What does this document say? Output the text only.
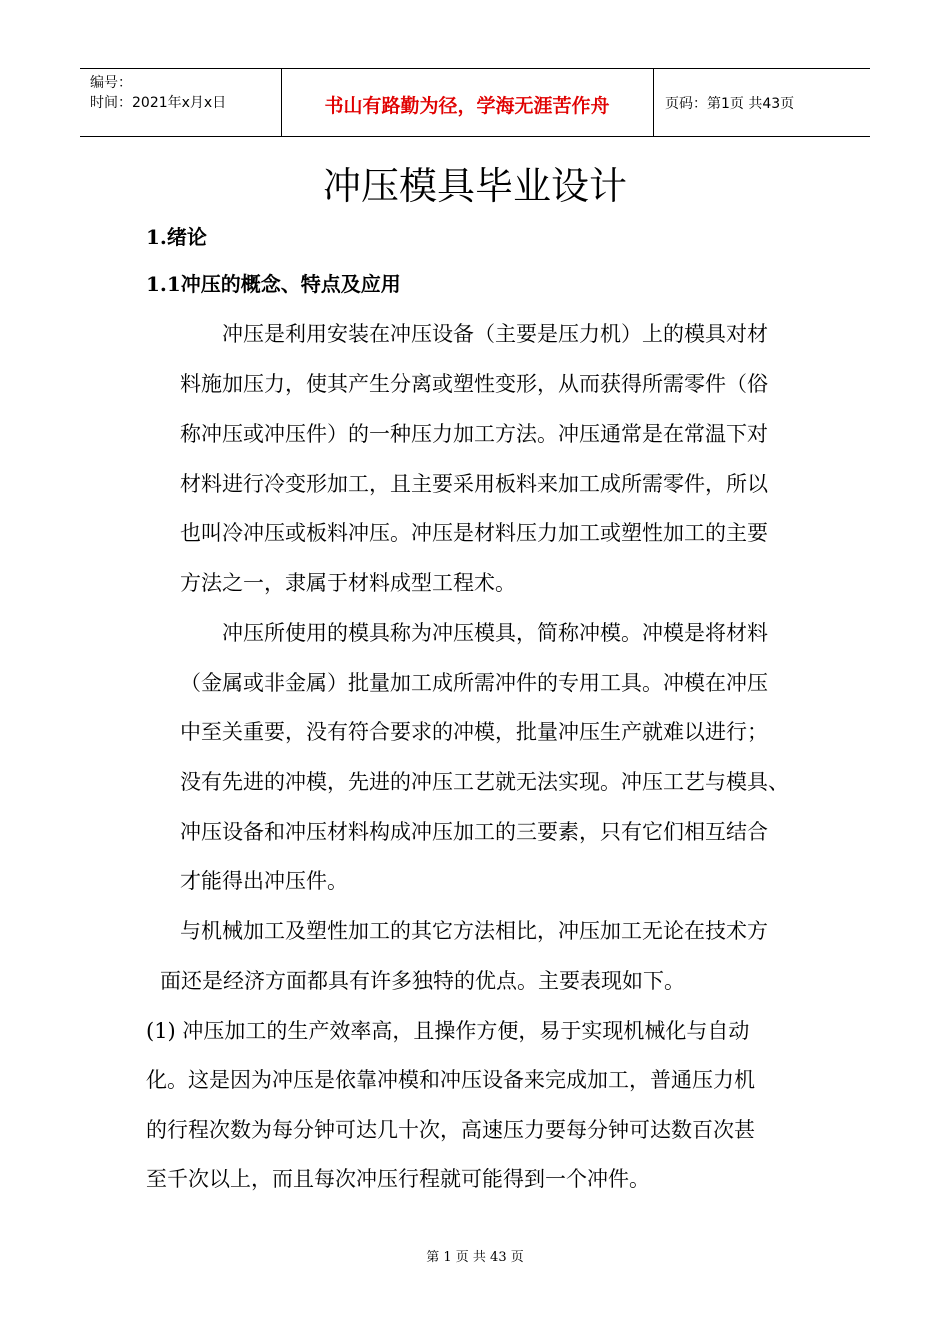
编号：
时间：2021年x月x日	书山有路勤为径，学海无涯苦作舟	页码：第1页 共43页
冲压模具毕业设计
1.绪论
1.1冲压的概念、特点及应用
冲压是利用安装在冲压设备（主要是压力机）上的模具对材
料施加压力，使其产生分离或塑性变形，从而获得所需零件（俗
称冲压或冲压件）的一种压力加工方法。冲压通常是在常温下对
材料进行冷变形加工，且主要采用板料来加工成所需零件，所以
也叫冷冲压或板料冲压。冲压是材料压力加工或塑性加工的主要
方法之一，隶属于材料成型工程术。
冲压所使用的模具称为冲压模具，简称冲模。冲模是将材料
（金属或非金属）批量加工成所需冲件的专用工具。冲模在冲压
中至关重要，没有符合要求的冲模，批量冲压生产就难以进行；
没有先进的冲模，先进的冲压工艺就无法实现。冲压工艺与模具、
冲压设备和冲压材料构成冲压加工的三要素，只有它们相互结合
才能得出冲压件。
与机械加工及塑性加工的其它方法相比，冲压加工无论在技术方
面还是经济方面都具有许多独特的优点。主要表现如下。
(1) 冲压加工的生产效率高，且操作方便，易于实现机械化与自动
化。这是因为冲压是依靠冲模和冲压设备来完成加工，普通压力机
的行程次数为每分钟可达几十次，高速压力要每分钟可达数百次甚
至千次以上，而且每次冲压行程就可能得到一个冲件。
第 1 页 共 43 页
